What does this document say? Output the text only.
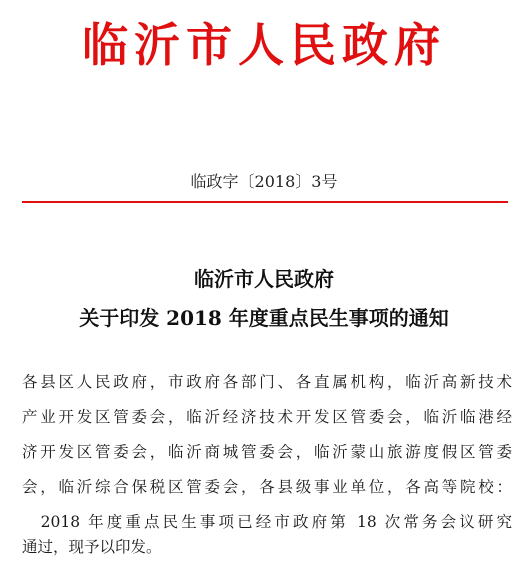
临沂市人民政府
临政字〔2018〕3号
临沂市人民政府
关于印发 2018 年度重点民生事项的通知
各县区人民政府，市政府各部门、各直属机构，临沂高新技术
产业开发区管委会，临沂经济技术开发区管委会，临沂临港经
济开发区管委会，临沂商城管委会，临沂蒙山旅游度假区管委
会，临沂综合保税区管委会，各县级事业单位，各高等院校：
　2018 年度重点民生事项已经市政府第 18 次常务会议研究
通过，现予以印发。
